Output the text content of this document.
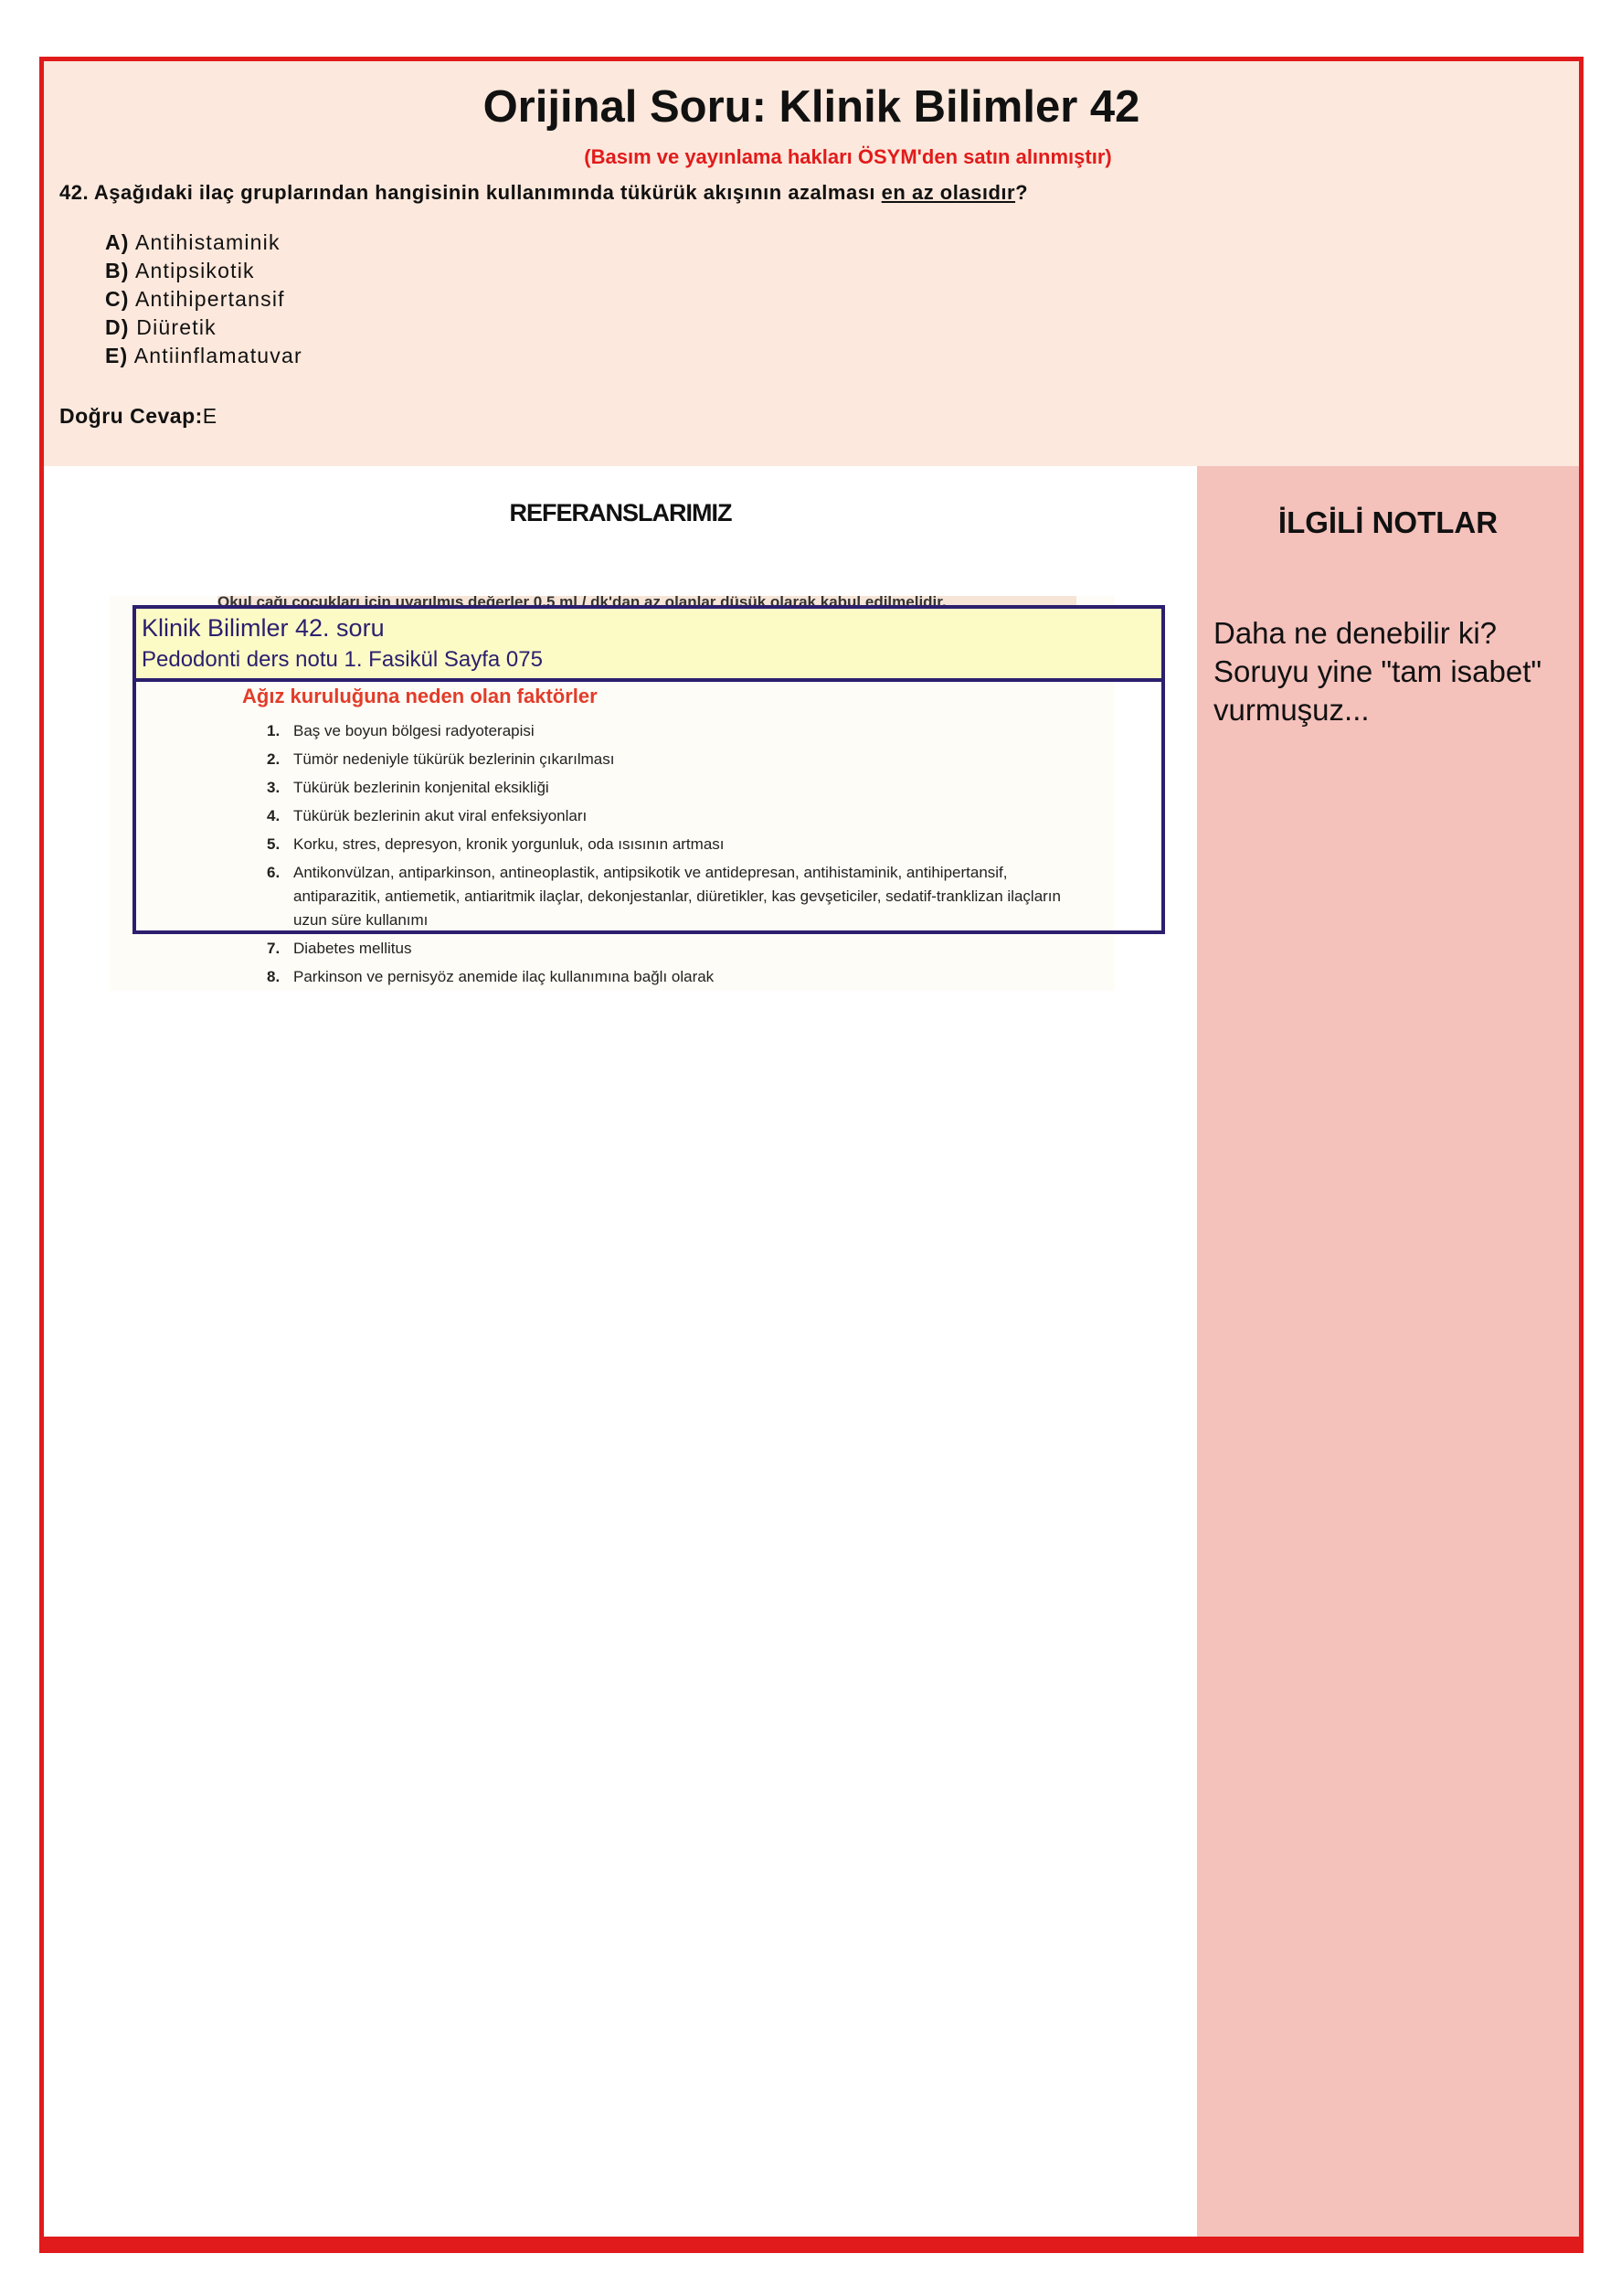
Orijinal Soru: Klinik Bilimler 42
(Basım ve yayınlama hakları ÖSYM'den satın alınmıştır)
42. Aşağıdaki ilaç gruplarından hangisinin kullanımında tükürük akışının azalması en az olasıdır?
A) Antihistaminik
B) Antipsikotik
C) Antihipertansif
D) Diüretik
E) Antiinflamatuvar
Doğru Cevap:E
REFERANSLARIMIZ
Okul çağı çocukları için uyarılmış değerler 0,5 ml / dk'dan az olanlar düşük olarak kabul edilmelidir.
Ağız kuruluğuna neden olan faktörler
1. Baş ve boyun bölgesi radyoterapisi
2. Tümör nedeniyle tükürük bezlerinin çıkarılması
3. Tükürük bezlerinin konjenital eksikliği
4. Tükürük bezlerinin akut viral enfeksiyonları
5. Korku, stres, depresyon, kronik yorgunluk, oda ısısının artması
6. Antikonvülzan, antiparkinson, antineoplastik, antipsikotik ve antidepresan, antihistaminik, antihipertansif, antiparazitik, antiemetik, antiaritmik ilaçlar, dekonjestanlar, diüretikler, kas gevşeticiler, sedatif-tranklizan ilaçların uzun süre kullanımı
7. Diabetes mellitus
8. Parkinson ve pernisyöz anemide ilaç kullanımına bağlı olarak
Klinik Bilimler 42. soru
Pedodonti ders notu 1. Fasikül Sayfa 075
İLGİLİ NOTLAR
Daha ne denebilir ki? Soruyu yine "tam isabet" vurmuşuz...
